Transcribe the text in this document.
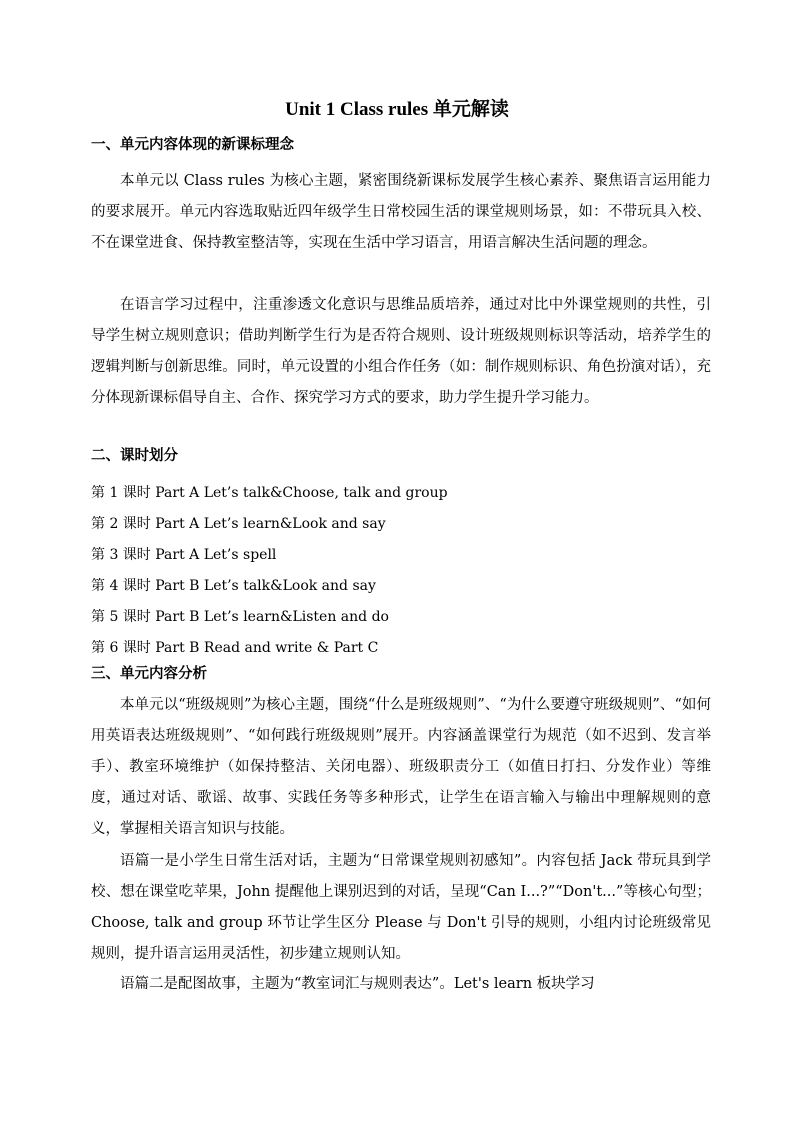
Unit 1 Class rules 单元解读
一、单元内容体现的新课标理念

本单元以 Class rules 为核心主题，紧密围绕新课标发展学生核心素养、聚焦语言运用能力的要求展开。单元内容选取贴近四年级学生日常校园生活的课堂规则场景，如：不带玩具入校、不在课堂进食、保持教室整洁等，实现在生活中学习语言，用语言解决生活问题的理念。

在语言学习过程中，注重渗透文化意识与思维品质培养，通过对比中外课堂规则的共性，引导学生树立规则意识；借助判断学生行为是否符合规则、设计班级规则标识等活动，培养学生的逻辑判断与创新思维。同时，单元设置的小组合作任务（如：制作规则标识、角色扮演对话），充分体现新课标倡导自主、合作、探究学习方式的要求，助力学生提升学习能力。

二、课时划分
第 1 课时 Part A Let’s talk&Choose, talk and group
第 2 课时 Part A Let’s learn&Look and say
第 3 课时 Part A Let’s spell
第 4 课时 Part B Let’s talk&Look and say
第 5 课时 Part B Let’s learn&Listen and do
第 6 课时 Part B Read and write & Part C
三、单元内容分析

本单元以“班级规则”为核心主题，围绕“什么是班级规则”、“为什么要遵守班级规则”、“如何用英语表达班级规则”、“如何践行班级规则”展开。内容涵盖课堂行为规范（如不迟到、发言举手）、教室环境维护（如保持整洁、关闭电器）、班级职责分工（如值日打扫、分发作业）等维度，通过对话、歌谣、故事、实践任务等多种形式，让学生在语言输入与输出中理解规则的意义，掌握相关语言知识与技能。

语篇一是小学生日常生活对话，主题为“日常课堂规则初感知”。内容包括 Jack 带玩具到学校、想在课堂吃苹果，John 提醒他上课别迟到的对话，呈现“Can I...?”“Don't...”等核心句型；Choose, talk and group 环节让学生区分 Please 与 Don't 引导的规则，小组内讨论班级常见规则，提升语言运用灵活性，初步建立规则认知。

语篇二是配图故事，主题为“教室词汇与规则表达”。Let's learn 板块学习
